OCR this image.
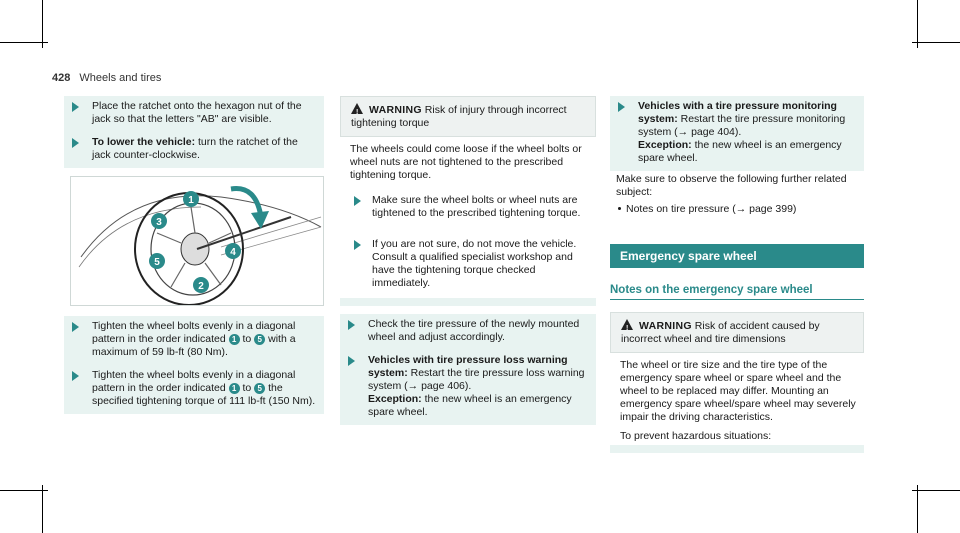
428 Wheels and tires
Place the ratchet onto the hexagon nut of the jack so that the letters "AB" are visible.
To lower the vehicle: turn the ratchet of the jack counter-clockwise.
1
3
4
5
2
Tighten the wheel bolts evenly in a diagonal pattern in the order indicated 1 to 5 with a maximum of 59 lb-ft (80 Nm).
Tighten the wheel bolts evenly in a diagonal pattern in the order indicated 1 to 5 the specified tightening torque of 111 lb-ft (150 Nm).
! WARNING Risk of injury through incorrect tightening torque
The wheels could come loose if the wheel bolts or wheel nuts are not tightened to the prescribed tightening torque.
Make sure the wheel bolts or wheel nuts are tightened to the prescribed tightening torque.
If you are not sure, do not move the vehicle. Consult a qualified specialist workshop and have the tightening torque checked immediately.
Check the tire pressure of the newly mounted wheel and adjust accordingly.
Vehicles with tire pressure loss warning system: Restart the tire pressure loss warning system (→ page 406).
Exception: the new wheel is an emergency spare wheel.
Vehicles with a tire pressure monitoring system: Restart the tire pressure monitoring system (→ page 404).
Exception: the new wheel is an emergency spare wheel.
Make sure to observe the following further related subject:
Notes on tire pressure (→ page 399)
Emergency spare wheel
Notes on the emergency spare wheel
! WARNING Risk of accident caused by incorrect wheel and tire dimensions
The wheel or tire size and the tire type of the emergency spare wheel or spare wheel and the wheel to be replaced may differ. Mounting an emergency spare wheel/spare wheel may severely impair the driving characteristics.
To prevent hazardous situations:
